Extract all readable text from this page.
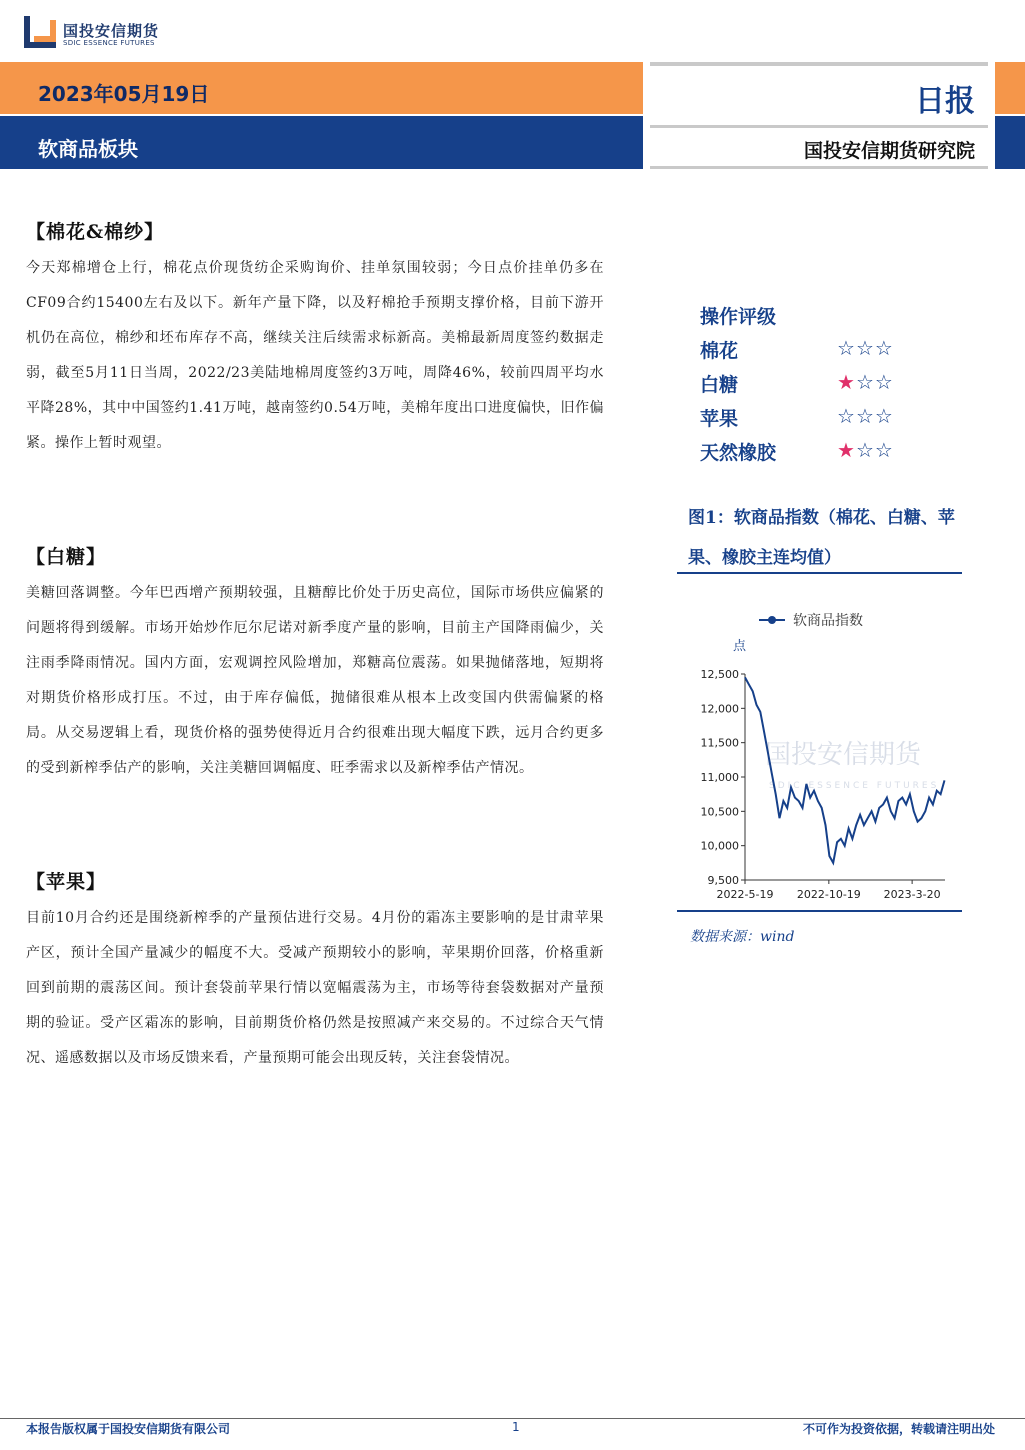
国投安信期货
SDIC ESSENCE FUTURES
2023年05月19日
软商品板块
日报
国投安信期货研究院
【棉花&棉纱】
今天郑棉增仓上行，棉花点价现货纺企采购询价、挂单氛围较弱；今日点价挂单仍多在CF09合约15400左右及以下。新年产量下降，以及籽棉抢手预期支撑价格，目前下游开机仍在高位，棉纱和坯布库存不高，继续关注后续需求标新高。美棉最新周度签约数据走弱，截至5月11日当周，2022/23美陆地棉周度签约3万吨，周降46%，较前四周平均水平降28%，其中中国签约1.41万吨，越南签约0.54万吨，美棉年度出口进度偏快，旧作偏紧。操作上暂时观望。
【白糖】
美糖回落调整。今年巴西增产预期较强，且糖醇比价处于历史高位，国际市场供应偏紧的问题将得到缓解。市场开始炒作厄尔尼诺对新季度产量的影响，目前主产国降雨偏少，关注雨季降雨情况。国内方面，宏观调控风险增加，郑糖高位震荡。如果抛储落地，短期将对期货价格形成打压。不过，由于库存偏低，抛储很难从根本上改变国内供需偏紧的格局。从交易逻辑上看，现货价格的强势使得近月合约很难出现大幅度下跌，远月合约更多的受到新榨季估产的影响，关注美糖回调幅度、旺季需求以及新榨季估产情况。
【苹果】
目前10月合约还是围绕新榨季的产量预估进行交易。4月份的霜冻主要影响的是甘肃苹果产区，预计全国产量减少的幅度不大。受减产预期较小的影响，苹果期价回落，价格重新回到前期的震荡区间。预计套袋前苹果行情以宽幅震荡为主，市场等待套袋数据对产量预期的验证。受产区霜冻的影响，目前期货价格仍然是按照减产来交易的。不过综合天气情况、遥感数据以及市场反馈来看，产量预期可能会出现反转，关注套袋情况。
操作评级
棉花	☆☆☆
白糖	★☆☆
苹果	☆☆☆
天然橡胶	★☆☆
图1：软商品指数（棉花、白糖、苹果、橡胶主连均值）
国投安信期货
SDIC ESSENCE FUTURES
12,500
12,000
11,500
11,000
10,500
10,000
9,500
2022-5-19 2022-10-19 2023-3-20
点
软商品指数
数据来源：wind
本报告版权属于国投安信期货有限公司	1	不可作为投资依据，转载请注明出处
